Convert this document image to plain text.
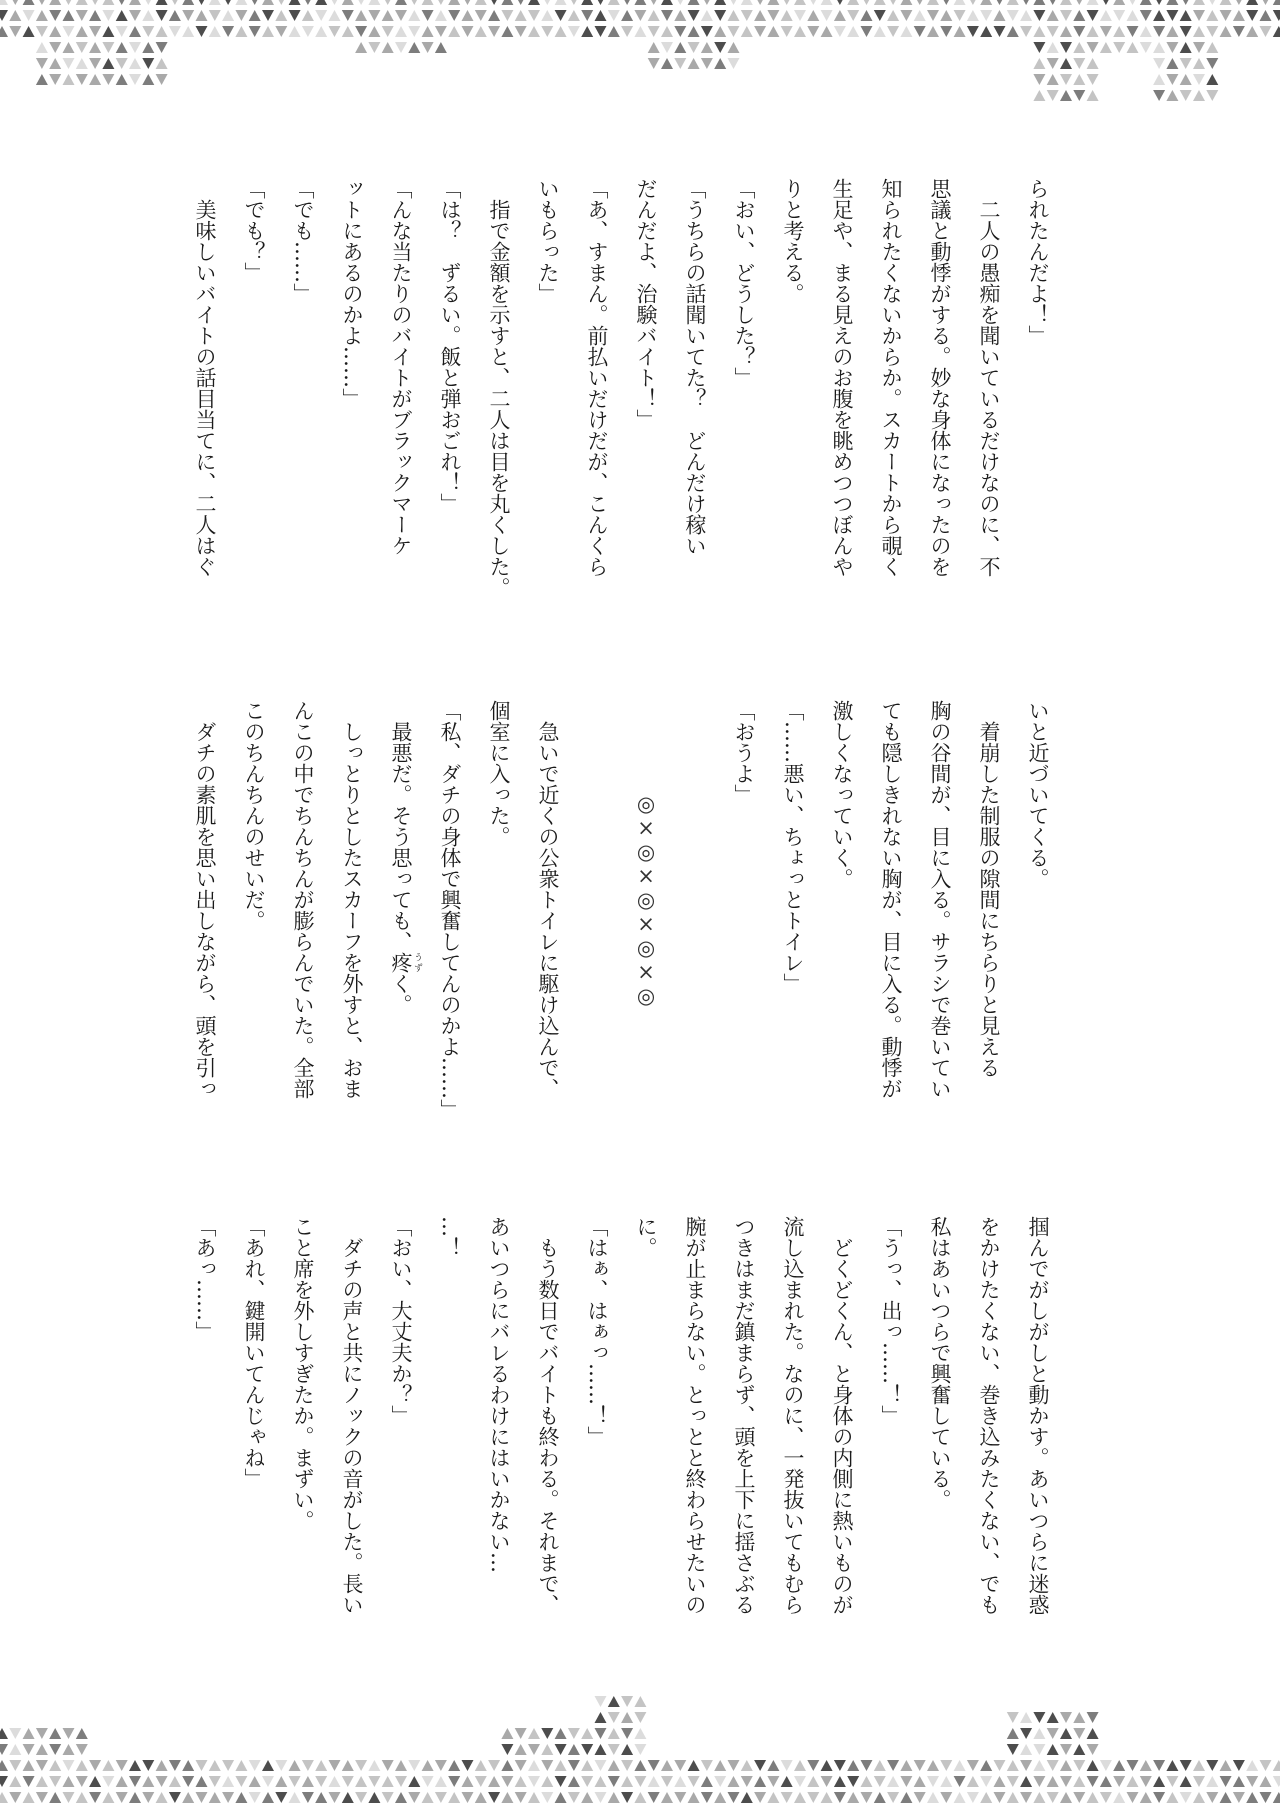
られたんだよ！」
　二人の愚痴を聞いているだけなのに、不
思議と動悸がする。妙な身体になったのを
知られたくないからか。スカートから覗く
生足や、まる見えのお腹を眺めつつぼんや
りと考える。
「おい、どうした？」
「うちらの話聞いてた？　どんだけ稼い
だんだよ、治験バイト！」
「あ、すまん。前払いだけだが、こんくら
いもらった」
　指で金額を示すと、二人は目を丸くした。
「は？　ずるい。飯と弾おごれ！」
「んな当たりのバイトがブラックマーケ
ットにあるのかよ……」
「でも……」
「でも？」
　美味しいバイトの話目当てに、二人はぐ
いと近づいてくる。
　着崩した制服の隙間にちらりと見える
胸の谷間が、目に入る。サラシで巻いてい
ても隠しきれない胸が、目に入る。動悸が
激しくなっていく。
「……悪い、ちょっとトイレ」
「おうよ」
◎×◎×◎×◎×◎
　急いで近くの公衆トイレに駆け込んで、
個室に入った。
「私、ダチの身体で興奮してんのかよ……」
　最悪だ。そう思っても、疼 うずく。
　しっとりとしたスカーフを外すと、おま
んこの中でちんちんが膨らんでいた。全部
このちんちんのせいだ。
　ダチの素肌を思い出しながら、頭を引っ
掴んでがしがしと動かす。あいつらに迷惑
をかけたくない、巻き込みたくない、でも
私はあいつらで興奮している。
「うっ、出っ……！」
　どくどくん、と身体の内側に熱いものが
流し込まれた。なのに、一発抜いてもむら
つきはまだ鎮まらず、頭を上下に揺さぶる
腕が止まらない。とっとと終わらせたいの
に。
「はぁ、はぁっ……！」
　もう数日でバイトも終わる。それまで、
あいつらにバレるわけにはいかない…
…！
「おい、大丈夫か？」
　ダチの声と共にノックの音がした。長い
こと席を外しすぎたか。まずい。
「あれ、鍵開いてんじゃね」
「あっ……」
